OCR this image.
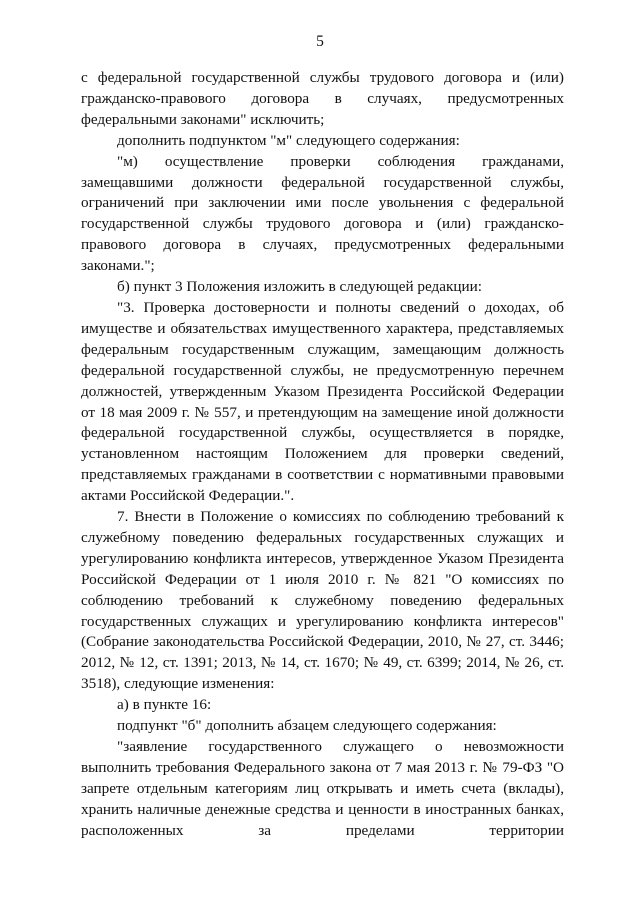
5

с федеральной государственной службы трудового договора и (или) гражданско-правового договора в случаях, предусмотренных федеральными законами" исключить;

дополнить подпунктом "м" следующего содержания:

"м) осуществление проверки соблюдения гражданами, замещавшими должности федеральной государственной службы, ограничений при заключении ими после увольнения с федеральной государственной службы трудового договора и (или) гражданско-правового договора в случаях, предусмотренных федеральными законами.";

б) пункт 3 Положения изложить в следующей редакции:

"3. Проверка достоверности и полноты сведений о доходах, об имуществе и обязательствах имущественного характера, представляемых федеральным государственным служащим, замещающим должность федеральной государственной службы, не предусмотренную перечнем должностей, утвержденным Указом Президента Российской Федерации от 18 мая 2009 г. № 557, и претендующим на замещение иной должности федеральной государственной службы, осуществляется в порядке, установленном настоящим Положением для проверки сведений, представляемых гражданами в соответствии с нормативными правовыми актами Российской Федерации.".

7. Внести в Положение о комиссиях по соблюдению требований к служебному поведению федеральных государственных служащих и урегулированию конфликта интересов, утвержденное Указом Президента Российской Федерации от 1 июля 2010 г. № 821 "О комиссиях по соблюдению требований к служебному поведению федеральных государственных служащих и урегулированию конфликта интересов" (Собрание законодательства Российской Федерации, 2010, № 27, ст. 3446; 2012, № 12, ст. 1391; 2013, № 14, ст. 1670; № 49, ст. 6399; 2014, № 26, ст. 3518), следующие изменения:

а) в пункте 16:

подпункт "б" дополнить абзацем следующего содержания:

"заявление государственного служащего о невозможности выполнить требования Федерального закона от 7 мая 2013 г. № 79-ФЗ "О запрете отдельным категориям лиц открывать и иметь счета (вклады), хранить наличные денежные средства и ценности в иностранных банках, расположенных за пределами территории
